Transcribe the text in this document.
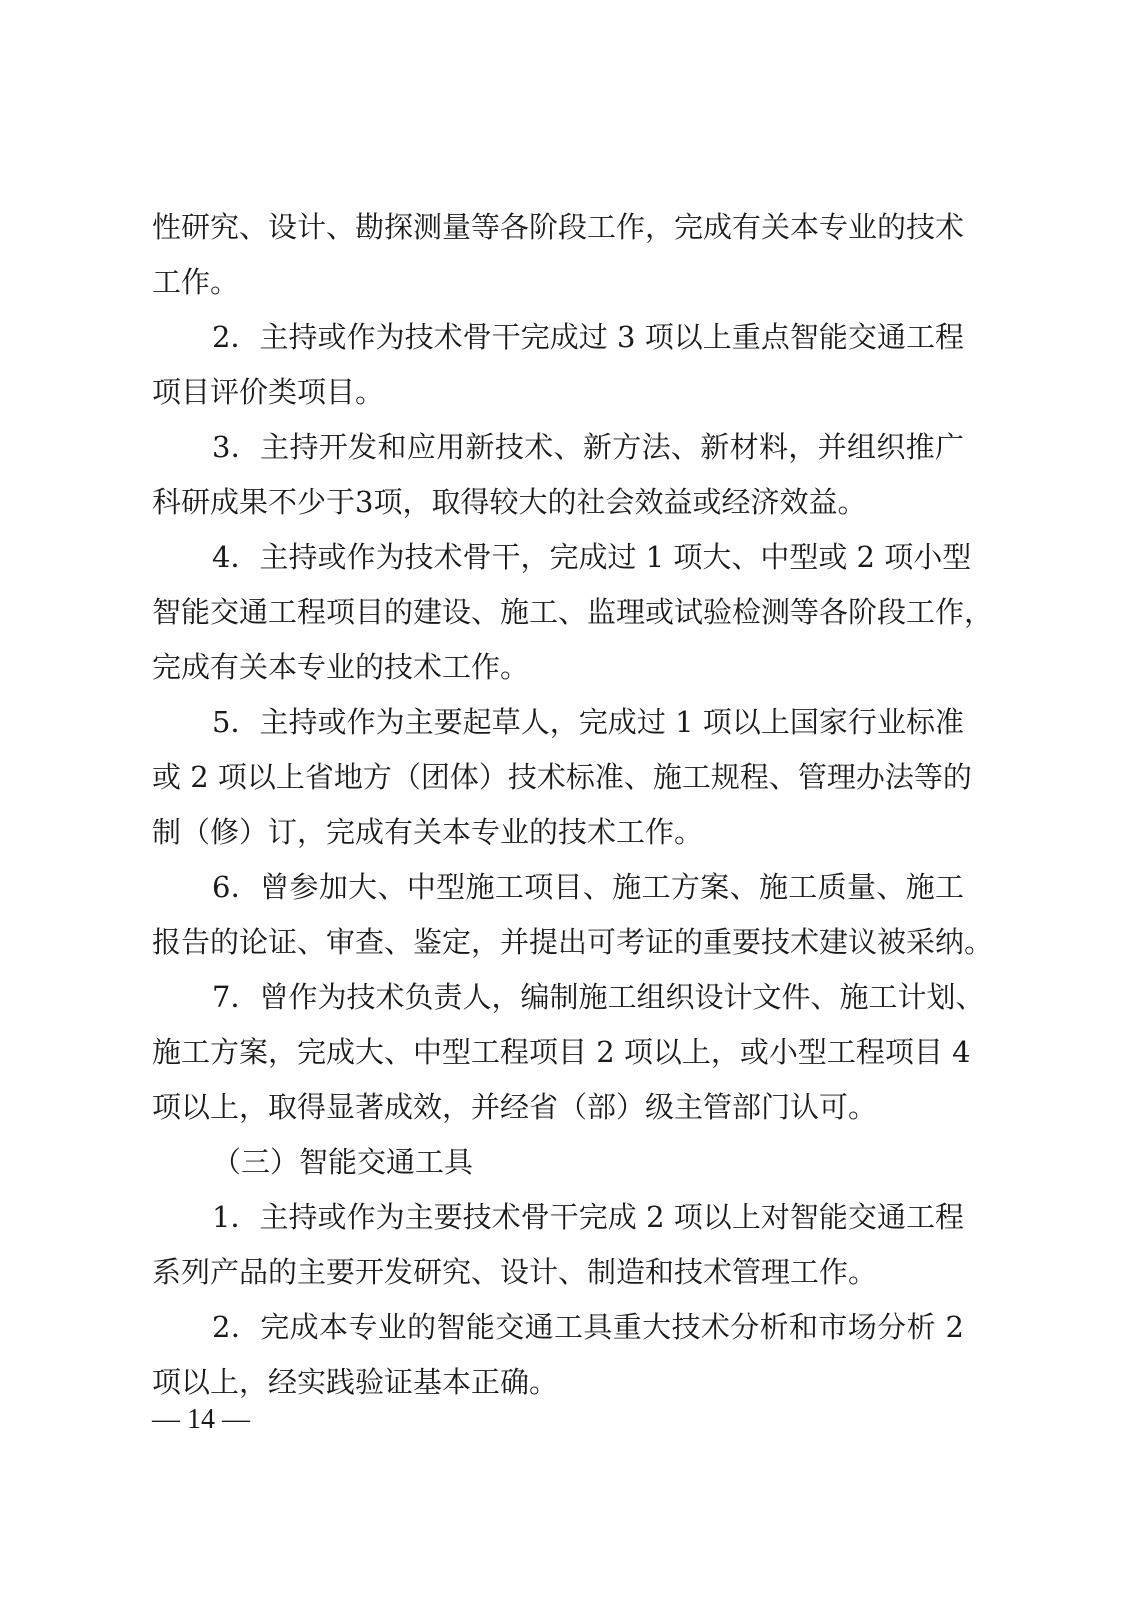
性研究、设计、勘探测量等各阶段工作，完成有关本专业的技术
工作。
2．主持或作为技术骨干完成过 3 项以上重点智能交通工程
项目评价类项目。
3．主持开发和应用新技术、新方法、新材料，并组织推广
科研成果不少于3项，取得较大的社会效益或经济效益。
4．主持或作为技术骨干，完成过 1 项大、中型或 2 项小型
智能交通工程项目的建设、施工、监理或试验检测等各阶段工作，
完成有关本专业的技术工作。
5．主持或作为主要起草人，完成过 1 项以上国家行业标准
或 2 项以上省地方（团体）技术标准、施工规程、管理办法等的
制（修）订，完成有关本专业的技术工作。
6．曾参加大、中型施工项目、施工方案、施工质量、施工
报告的论证、审查、鉴定，并提出可考证的重要技术建议被采纳。
7．曾作为技术负责人，编制施工组织设计文件、施工计划、
施工方案，完成大、中型工程项目 2 项以上，或小型工程项目 4
项以上，取得显著成效，并经省（部）级主管部门认可。
（三）智能交通工具
1．主持或作为主要技术骨干完成 2 项以上对智能交通工程
系列产品的主要开发研究、设计、制造和技术管理工作。
2．完成本专业的智能交通工具重大技术分析和市场分析 2
项以上，经实践验证基本正确。
— 14 —
